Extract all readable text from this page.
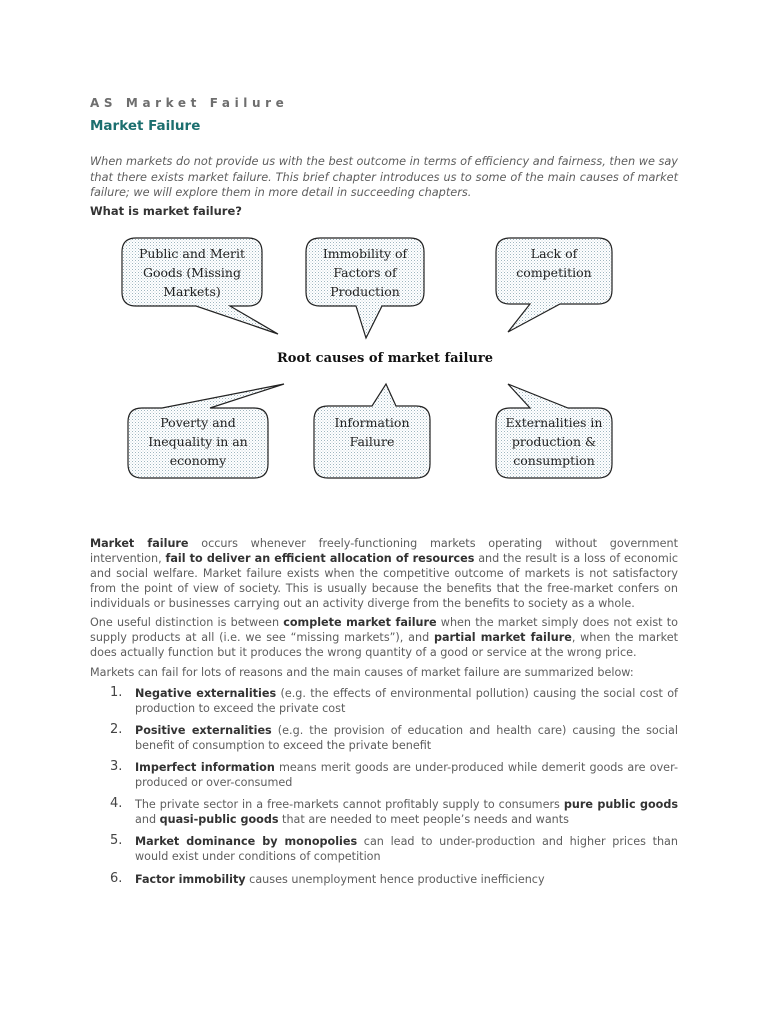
AS Market Failure
Market Failure
When markets do not provide us with the best outcome in terms of efficiency and fairness, then we say that there exists market failure. This brief chapter introduces us to some of the main causes of market failure; we will explore them in more detail in succeeding chapters.
What is market failure?
Public and Merit
Goods (Missing
Markets)
Immobility of
Factors of
Production
Lack of
competition
Root causes of market failure
Poverty and
Inequality in an
economy
Information
Failure
Externalities in
production &
consumption
Market failure occurs whenever freely-functioning markets operating without government intervention, fail to deliver an efficient allocation of resources and the result is a loss of economic and social welfare. Market failure exists when the competitive outcome of markets is not satisfactory from the point of view of society. This is usually because the benefits that the free-market confers on individuals or businesses carrying out an activity diverge from the benefits to society as a whole.
One useful distinction is between complete market failure when the market simply does not exist to supply products at all (i.e. we see “missing markets”), and partial market failure, when the market does actually function but it produces the wrong quantity of a good or service at the wrong price.
Markets can fail for lots of reasons and the main causes of market failure are summarized below:
1. Negative externalities (e.g. the effects of environmental pollution) causing the social cost of production to exceed the private cost
2. Positive externalities (e.g. the provision of education and health care) causing the social benefit of consumption to exceed the private benefit
3. Imperfect information means merit goods are under-produced while demerit goods are over-produced or over-consumed
4. The private sector in a free-markets cannot profitably supply to consumers pure public goods and quasi-public goods that are needed to meet people’s needs and wants
5. Market dominance by monopolies can lead to under-production and higher prices than would exist under conditions of competition
6. Factor immobility causes unemployment hence productive inefficiency
